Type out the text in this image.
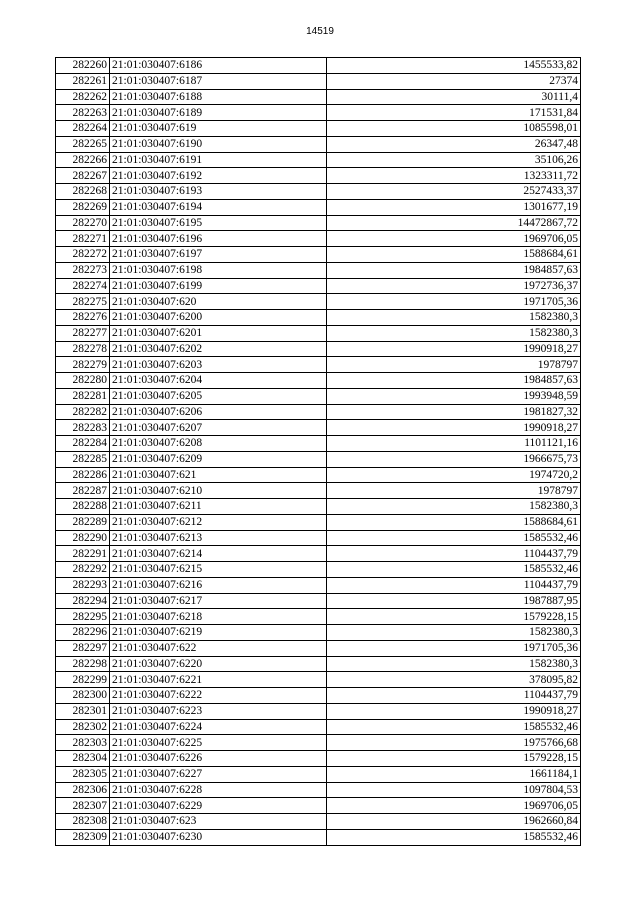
14519
282260	21:01:030407:6186	1455533,82
282261	21:01:030407:6187	27374
282262	21:01:030407:6188	30111,4
282263	21:01:030407:6189	171531,84
282264	21:01:030407:619	1085598,01
282265	21:01:030407:6190	26347,48
282266	21:01:030407:6191	35106,26
282267	21:01:030407:6192	1323311,72
282268	21:01:030407:6193	2527433,37
282269	21:01:030407:6194	1301677,19
282270	21:01:030407:6195	14472867,72
282271	21:01:030407:6196	1969706,05
282272	21:01:030407:6197	1588684,61
282273	21:01:030407:6198	1984857,63
282274	21:01:030407:6199	1972736,37
282275	21:01:030407:620	1971705,36
282276	21:01:030407:6200	1582380,3
282277	21:01:030407:6201	1582380,3
282278	21:01:030407:6202	1990918,27
282279	21:01:030407:6203	1978797
282280	21:01:030407:6204	1984857,63
282281	21:01:030407:6205	1993948,59
282282	21:01:030407:6206	1981827,32
282283	21:01:030407:6207	1990918,27
282284	21:01:030407:6208	1101121,16
282285	21:01:030407:6209	1966675,73
282286	21:01:030407:621	1974720,2
282287	21:01:030407:6210	1978797
282288	21:01:030407:6211	1582380,3
282289	21:01:030407:6212	1588684,61
282290	21:01:030407:6213	1585532,46
282291	21:01:030407:6214	1104437,79
282292	21:01:030407:6215	1585532,46
282293	21:01:030407:6216	1104437,79
282294	21:01:030407:6217	1987887,95
282295	21:01:030407:6218	1579228,15
282296	21:01:030407:6219	1582380,3
282297	21:01:030407:622	1971705,36
282298	21:01:030407:6220	1582380,3
282299	21:01:030407:6221	378095,82
282300	21:01:030407:6222	1104437,79
282301	21:01:030407:6223	1990918,27
282302	21:01:030407:6224	1585532,46
282303	21:01:030407:6225	1975766,68
282304	21:01:030407:6226	1579228,15
282305	21:01:030407:6227	1661184,1
282306	21:01:030407:6228	1097804,53
282307	21:01:030407:6229	1969706,05
282308	21:01:030407:623	1962660,84
282309	21:01:030407:6230	1585532,46
